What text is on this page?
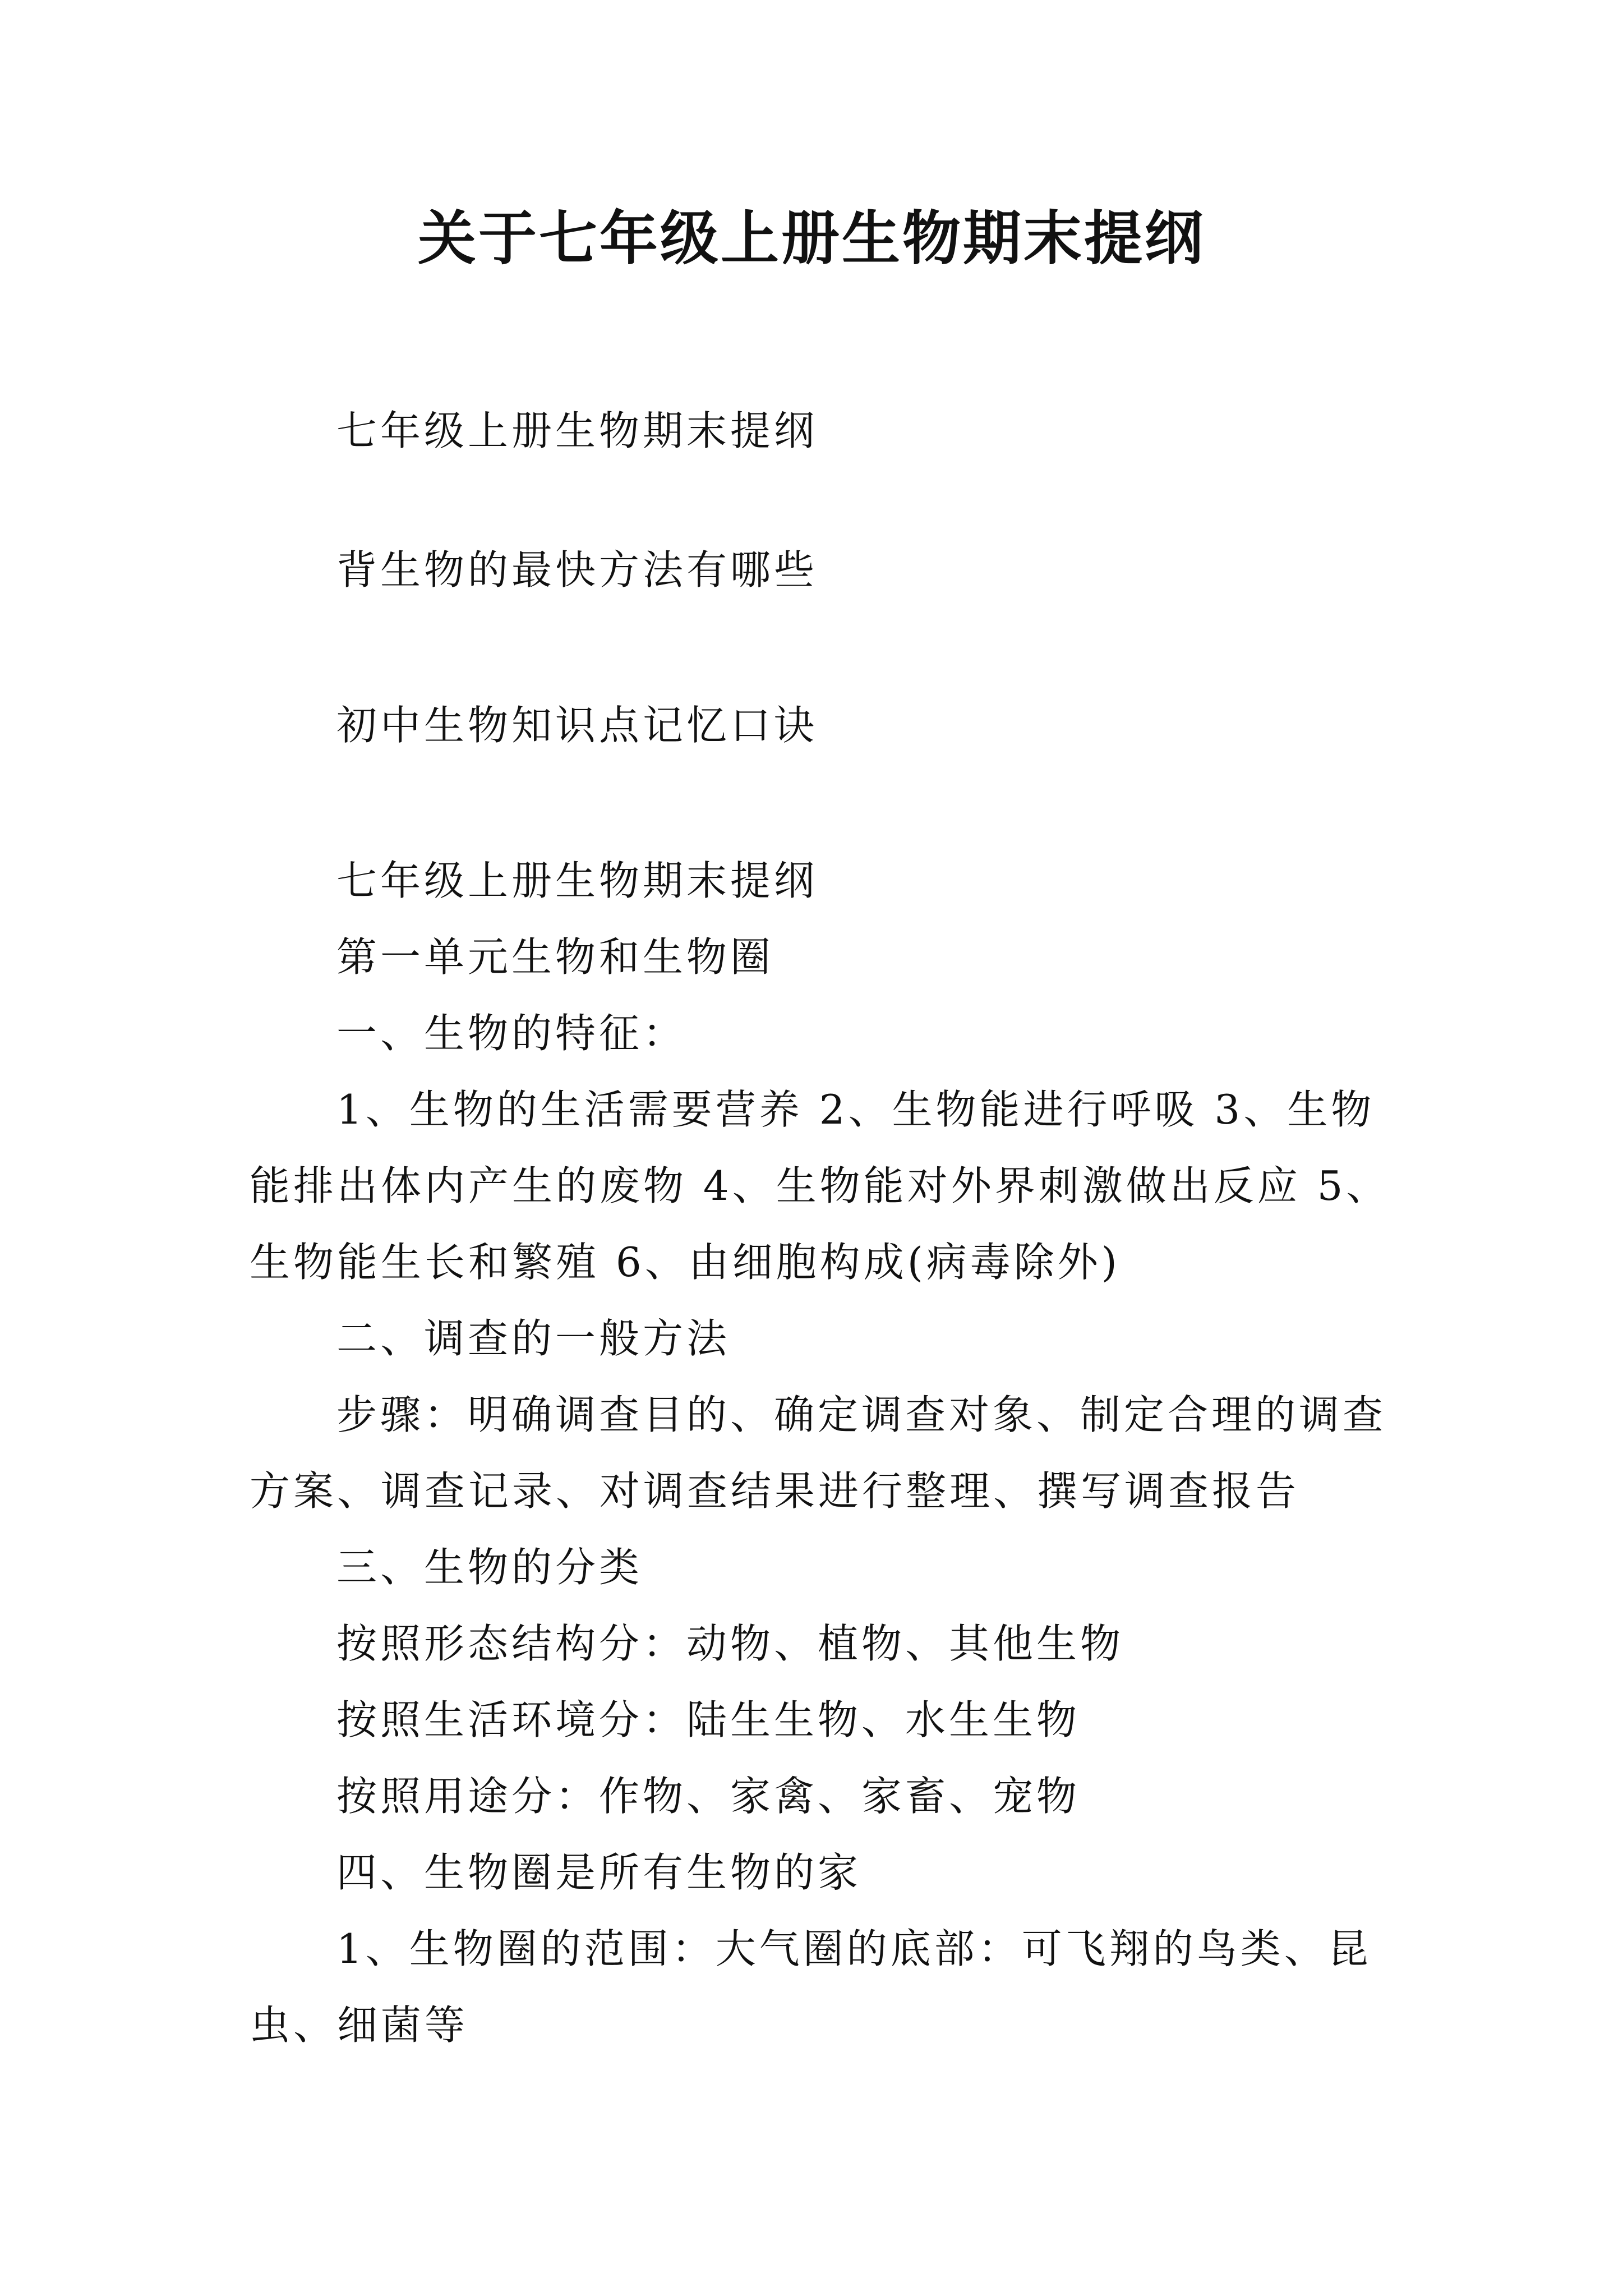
关于七年级上册生物期末提纲

七年级上册生物期末提纲

背生物的最快方法有哪些

初中生物知识点记忆口诀

七年级上册生物期末提纲

第一单元生物和生物圈

一、生物的特征：

1、生物的生活需要营养 2、生物能进行呼吸 3、生物能排出体内产生的废物 4、生物能对外界刺激做出反应 5、生物能生长和繁殖 6、由细胞构成(病毒除外)

二、调查的一般方法

步骤：明确调查目的、确定调查对象、制定合理的调查方案、调查记录、对调查结果进行整理、撰写调查报告

三、生物的分类

按照形态结构分：动物、植物、其他生物

按照生活环境分：陆生生物、水生生物

按照用途分：作物、家禽、家畜、宠物

四、生物圈是所有生物的家

1、生物圈的范围：大气圈的底部：可飞翔的鸟类、昆虫、细菌等
